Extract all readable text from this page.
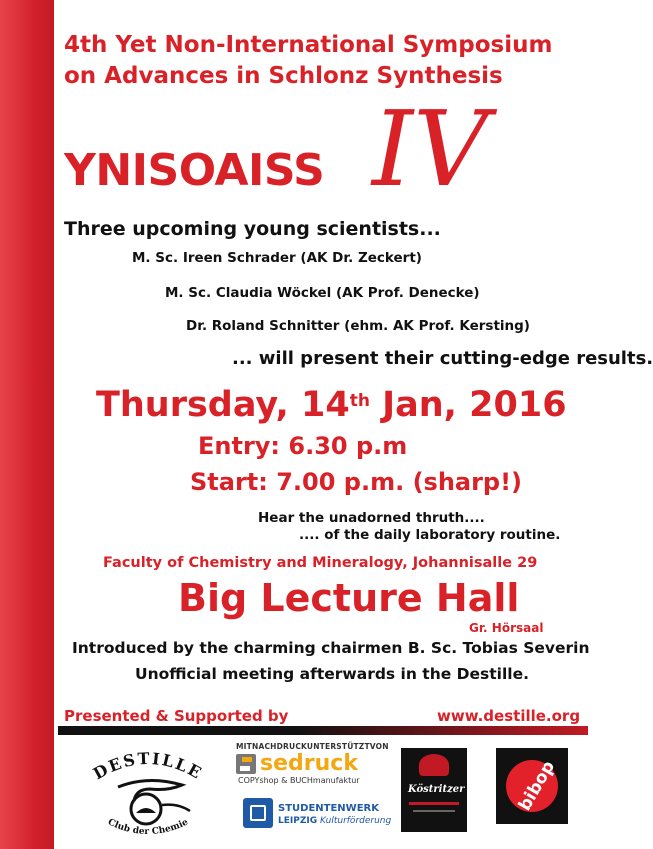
4th Yet Non-International Symposium
on Advances in Schlonz Synthesis
YNISOAISS IV
Three upcoming young scientists...
M. Sc. Ireen Schrader (AK Dr. Zeckert)
M. Sc. Claudia Wöckel (AK Prof. Denecke)
Dr. Roland Schnitter (ehm. AK Prof. Kersting)
... will present their cutting-edge results.
Thursday, 14th Jan, 2016
Entry: 6.30 p.m
Start: 7.00 p.m. (sharp!)
Hear the unadorned thruth....
.... of the daily laboratory routine.
Faculty of Chemistry and Mineralogy, Johannisalle 29
Big Lecture Hall
Gr. Hörsaal
Introduced by the charming chairmen B. Sc. Tobias Severin
Unofficial meeting afterwards in the Destille.
Presented & Supported by	www.destille.org
DESTILLE
Club der Chemie
MITNACHDRUCKUNTERSTÜTZTVON
sedruck
COPYshop & BUCHmanufaktur
STUDENTENWERK
LEIPZIG Kulturförderung
Köstritzer	bibop
